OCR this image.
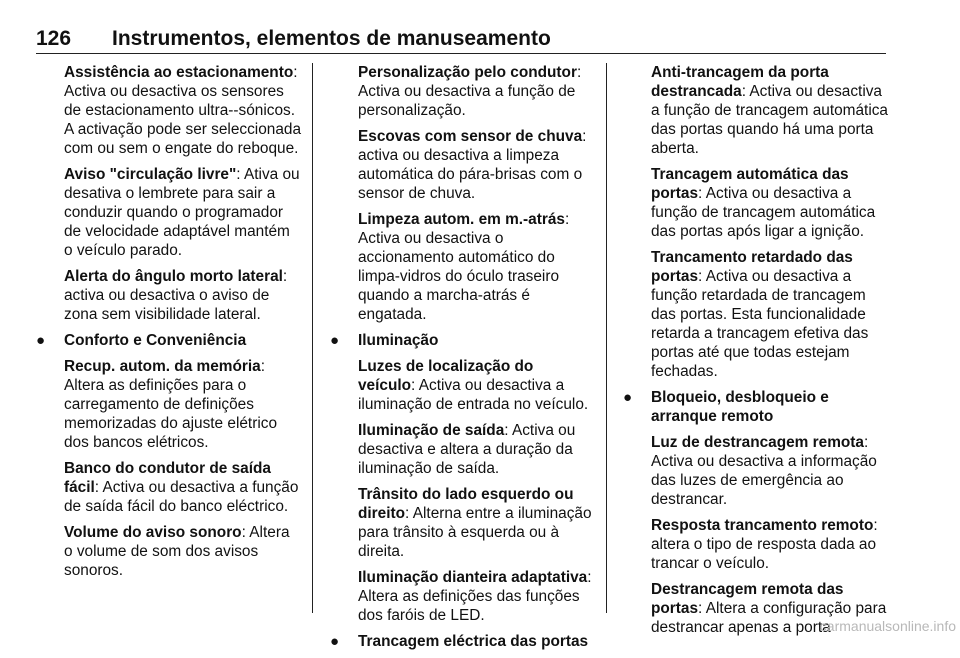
126 Instrumentos, elementos de manuseamento

Assistência ao estacionamento: Activa ou desactiva os sensores de estacionamento ultra--sónicos. A activação pode ser seleccionada com ou sem o engate do reboque.

Aviso "circulação livre": Ativa ou desativa o lembrete para sair a conduzir quando o programador de velocidade adaptável mantém o veículo parado.

Alerta do ângulo morto lateral: activa ou desactiva o aviso de zona sem visibilidade lateral.

● Conforto e Conveniência

Recup. autom. da memória: Altera as definições para o carregamento de definições memorizadas do ajuste elétrico dos bancos elétricos.

Banco do condutor de saída fácil: Activa ou desactiva a função de saída fácil do banco eléctrico.

Volume do aviso sonoro: Altera o volume de som dos avisos sonoros.

Personalização pelo condutor: Activa ou desactiva a função de personalização.

Escovas com sensor de chuva: activa ou desactiva a limpeza automática do pára-brisas com o sensor de chuva.

Limpeza autom. em m.-atrás: Activa ou desactiva o accionamento automático do limpa-vidros do óculo traseiro quando a marcha-atrás é engatada.

● Iluminação

Luzes de localização do veículo: Activa ou desactiva a iluminação de entrada no veículo.

Iluminação de saída: Activa ou desactiva e altera a duração da iluminação de saída.

Trânsito do lado esquerdo ou direito: Alterna entre a iluminação para trânsito à esquerda ou à direita.

Iluminação dianteira adaptativa: Altera as definições das funções dos faróis de LED.

● Trancagem eléctrica das portas

Anti-trancagem da porta destrancada: Activa ou desactiva a função de trancagem automática das portas quando há uma porta aberta.

Trancagem automática das portas: Activa ou desactiva a função de trancagem automática das portas após ligar a ignição.

Trancamento retardado das portas: Activa ou desactiva a função retardada de trancagem das portas. Esta funcionalidade retarda a trancagem efetiva das portas até que todas estejam fechadas.

● Bloqueio, desbloqueio e arranque remoto

Luz de destrancagem remota: Activa ou desactiva a informação das luzes de emergência ao destrancar.

Resposta trancamento remoto: altera o tipo de resposta dada ao trancar o veículo.

Destrancagem remota das portas: Altera a configuração para destrancar apenas a porta

carmanualsonline.info
